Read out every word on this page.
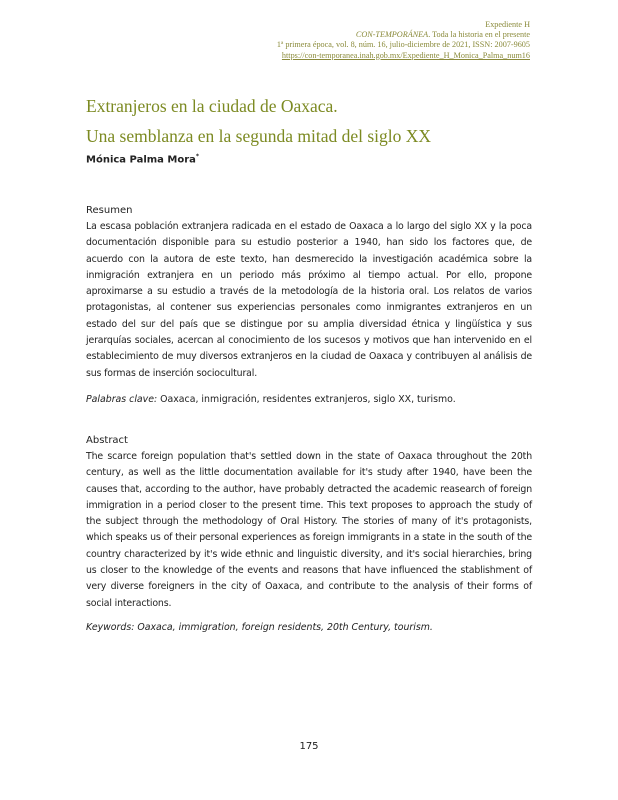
Expediente H
CON-TEMPORÁNEA. Toda la historia en el presente
1ª primera época, vol. 8, núm. 16, julio-diciembre de 2021, ISSN: 2007-9605
https://con-temporanea.inah.gob.mx/Expediente_H_Monica_Palma_num16
Extranjeros en la ciudad de Oaxaca.
Una semblanza en la segunda mitad del siglo XX
Mónica Palma Mora*

Resumen

La escasa población extranjera radicada en el estado de Oaxaca a lo largo del siglo XX y la poca documentación disponible para su estudio posterior a 1940, han sido los factores que, de acuerdo con la autora de este texto, han desmerecido la investigación académica sobre la inmigración extranjera en un periodo más próximo al tiempo actual. Por ello, propone aproximarse a su estudio a través de la metodología de la historia oral. Los relatos de varios protagonistas, al contener sus experiencias personales como inmigrantes extranjeros en un estado del sur del país que se distingue por su amplia diversidad étnica y lingüística y sus jerarquías sociales, acercan al conocimiento de los sucesos y motivos que han intervenido en el establecimiento de muy diversos extranjeros en la ciudad de Oaxaca y contribuyen al análisis de sus formas de inserción sociocultural.

Palabras clave: Oaxaca, inmigración, residentes extranjeros, siglo XX, turismo.

Abstract

The scarce foreign population that's settled down in the state of Oaxaca throughout the 20th century, as well as the little documentation available for it's study after 1940, have been the causes that, according to the author, have probably detracted the academic reasearch of foreign immigration in a period closer to the present time. This text proposes to approach the study of the subject through the methodology of Oral History. The stories of many of it's protagonists, which speaks us of their personal experiences as foreign immigrants in a state in the south of the country characterized by it's wide ethnic and linguistic diversity, and it's social hierarchies, bring us closer to the knowledge of the events and reasons that have influenced the stablishment of very diverse foreigners in the city of Oaxaca, and contribute to the analysis of their forms of social interactions.

Keywords: Oaxaca, immigration, foreign residents, 20th Century, tourism.

175
